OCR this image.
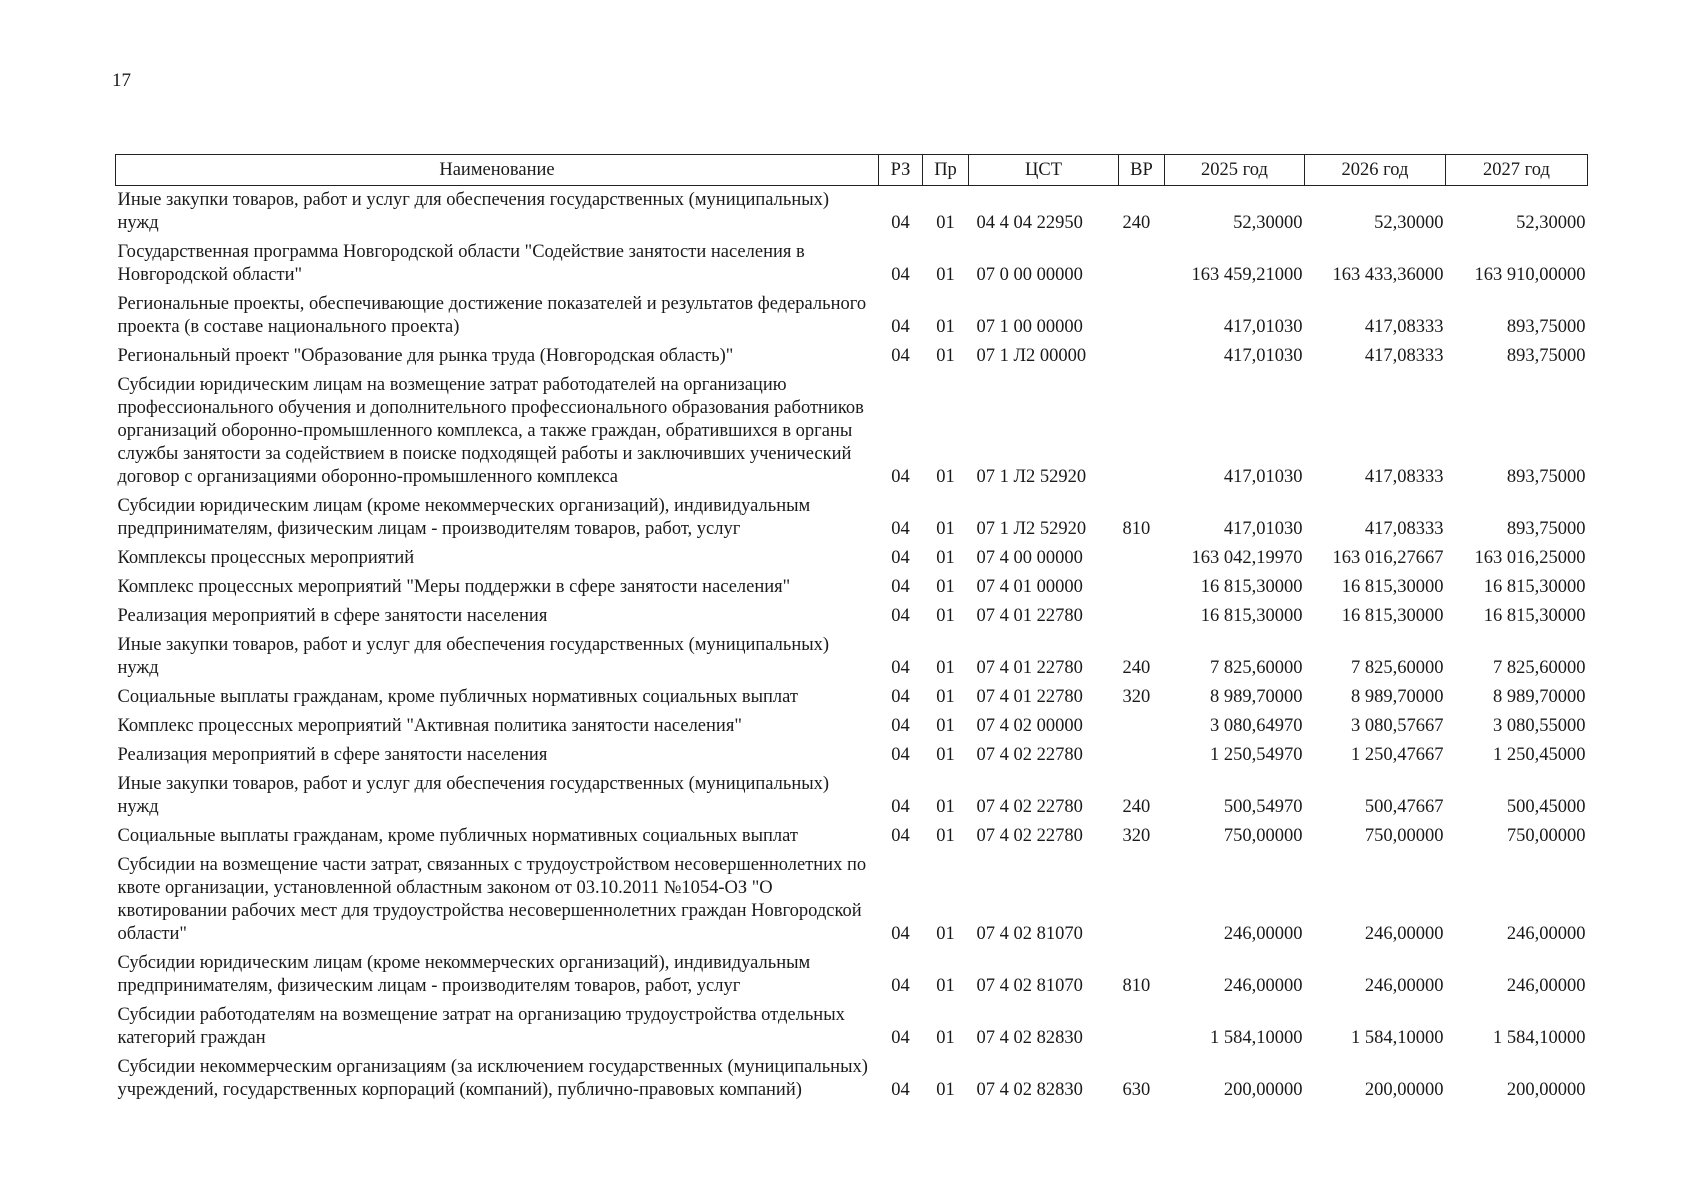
17
Наименование	РЗ	Пр	ЦСТ	ВР	2025 год	2026 год	2027 год
Иные закупки товаров, работ и услуг для обеспечения государственных (муниципальных) нужд	04	01	04 4 04 22950	240	52,30000	52,30000	52,30000
Государственная программа Новгородской области "Содействие занятости населения в Новгородской области"	04	01	07 0 00 00000		163 459,21000	163 433,36000	163 910,00000
Региональные проекты, обеспечивающие достижение показателей и результатов федерального проекта (в составе национального проекта)	04	01	07 1 00 00000		417,01030	417,08333	893,75000
Региональный проект "Образование для рынка труда (Новгородская область)"	04	01	07 1 Л2 00000		417,01030	417,08333	893,75000
Субсидии юридическим лицам на возмещение затрат работодателей на организацию профессионального обучения и дополнительного профессионального образования работников организаций оборонно-промышленного комплекса, а также граждан, обратившихся в органы службы занятости за содействием в поиске подходящей работы и заключивших ученический договор с организациями оборонно-промышленного комплекса	04	01	07 1 Л2 52920		417,01030	417,08333	893,75000
Субсидии юридическим лицам (кроме некоммерческих организаций), индивидуальным предпринимателям, физическим лицам - производителям товаров, работ, услуг	04	01	07 1 Л2 52920	810	417,01030	417,08333	893,75000
Комплексы процессных мероприятий	04	01	07 4 00 00000		163 042,19970	163 016,27667	163 016,25000
Комплекс процессных мероприятий "Меры поддержки в сфере занятости населения"	04	01	07 4 01 00000		16 815,30000	16 815,30000	16 815,30000
Реализация мероприятий в сфере занятости населения	04	01	07 4 01 22780		16 815,30000	16 815,30000	16 815,30000
Иные закупки товаров, работ и услуг для обеспечения государственных (муниципальных) нужд	04	01	07 4 01 22780	240	7 825,60000	7 825,60000	7 825,60000
Социальные выплаты гражданам, кроме публичных нормативных социальных выплат	04	01	07 4 01 22780	320	8 989,70000	8 989,70000	8 989,70000
Комплекс процессных мероприятий "Активная политика занятости населения"	04	01	07 4 02 00000		3 080,64970	3 080,57667	3 080,55000
Реализация мероприятий в сфере занятости населения	04	01	07 4 02 22780		1 250,54970	1 250,47667	1 250,45000
Иные закупки товаров, работ и услуг для обеспечения государственных (муниципальных) нужд	04	01	07 4 02 22780	240	500,54970	500,47667	500,45000
Социальные выплаты гражданам, кроме публичных нормативных социальных выплат	04	01	07 4 02 22780	320	750,00000	750,00000	750,00000
Субсидии на возмещение части затрат, связанных с трудоустройством несовершеннолетних по квоте организации, установленной областным законом от 03.10.2011 №1054-ОЗ "О квотировании рабочих мест для трудоустройства несовершеннолетних граждан Новгородской области"	04	01	07 4 02 81070		246,00000	246,00000	246,00000
Субсидии юридическим лицам (кроме некоммерческих организаций), индивидуальным предпринимателям, физическим лицам - производителям товаров, работ, услуг	04	01	07 4 02 81070	810	246,00000	246,00000	246,00000
Субсидии работодателям на возмещение затрат на организацию трудоустройства отдельных категорий граждан	04	01	07 4 02 82830		1 584,10000	1 584,10000	1 584,10000
Субсидии некоммерческим организациям (за исключением государственных (муниципальных) учреждений, государственных корпораций (компаний), публично-правовых компаний)	04	01	07 4 02 82830	630	200,00000	200,00000	200,00000
